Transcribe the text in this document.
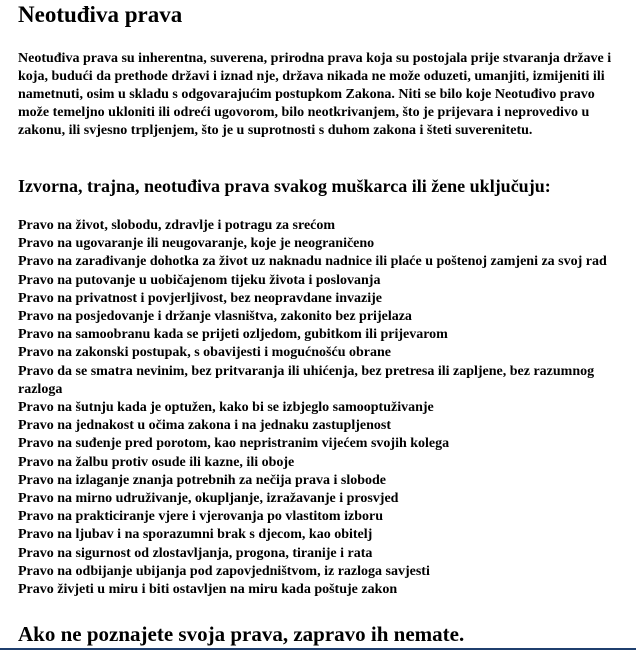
Neotuđiva prava

Neotuđiva prava su inherentna, suverena, prirodna prava koja su postojala prije stvaranja države i koja, budući da prethode državi i iznad nje, država nikada ne može oduzeti, umanjiti, izmijeniti ili nametnuti, osim u skladu s odgovarajućim postupkom Zakona. Niti se bilo koje Neotuđivo pravo može temeljno ukloniti ili odreći ugovorom, bilo neotkrivanjem, što je prijevara i neprovedivo u zakonu, ili svjesno trpljenjem, što je u suprotnosti s duhom zakona i šteti suverenitetu.

Izvorna, trajna, neotuđiva prava svakog muškarca ili žene uključuju:
Pravo na život, slobodu, zdravlje i potragu za srećom
Pravo na ugovaranje ili neugovaranje, koje je neograničeno
Pravo na zarađivanje dohotka za život uz naknadu nadnice ili plaće u poštenoj zamjeni za svoj rad
Pravo na putovanje u uobičajenom tijeku života i poslovanja
Pravo na privatnost i povjerljivost, bez neopravdane invazije
Pravo na posjedovanje i držanje vlasništva, zakonito bez prijelaza
Pravo na samoobranu kada se prijeti ozljedom, gubitkom ili prijevarom
Pravo na zakonski postupak, s obavijesti i mogućnošću obrane
Pravo da se smatra nevinim, bez pritvaranja ili uhićenja, bez pretresa ili zapljene, bez razumnog razloga
Pravo na šutnju kada je optužen, kako bi se izbjeglo samooptuživanje
Pravo na jednakost u očima zakona i na jednaku zastupljenost
Pravo na suđenje pred porotom, kao nepristranim vijećem svojih kolega
Pravo na žalbu protiv osude ili kazne, ili oboje
Pravo na izlaganje znanja potrebnih za nečija prava i slobode
Pravo na mirno udruživanje, okupljanje, izražavanje i prosvjed
Pravo na prakticiranje vjere i vjerovanja po vlastitom izboru
Pravo na ljubav i na sporazumni brak s djecom, kao obitelj
Pravo na sigurnost od zlostavljanja, progona, tiranije i rata
Pravo na odbijanje ubijanja pod zapovjedništvom, iz razloga savjesti
Pravo živjeti u miru i biti ostavljen na miru kada poštuje zakon
Ako ne poznajete svoja prava, zapravo ih nemate.
